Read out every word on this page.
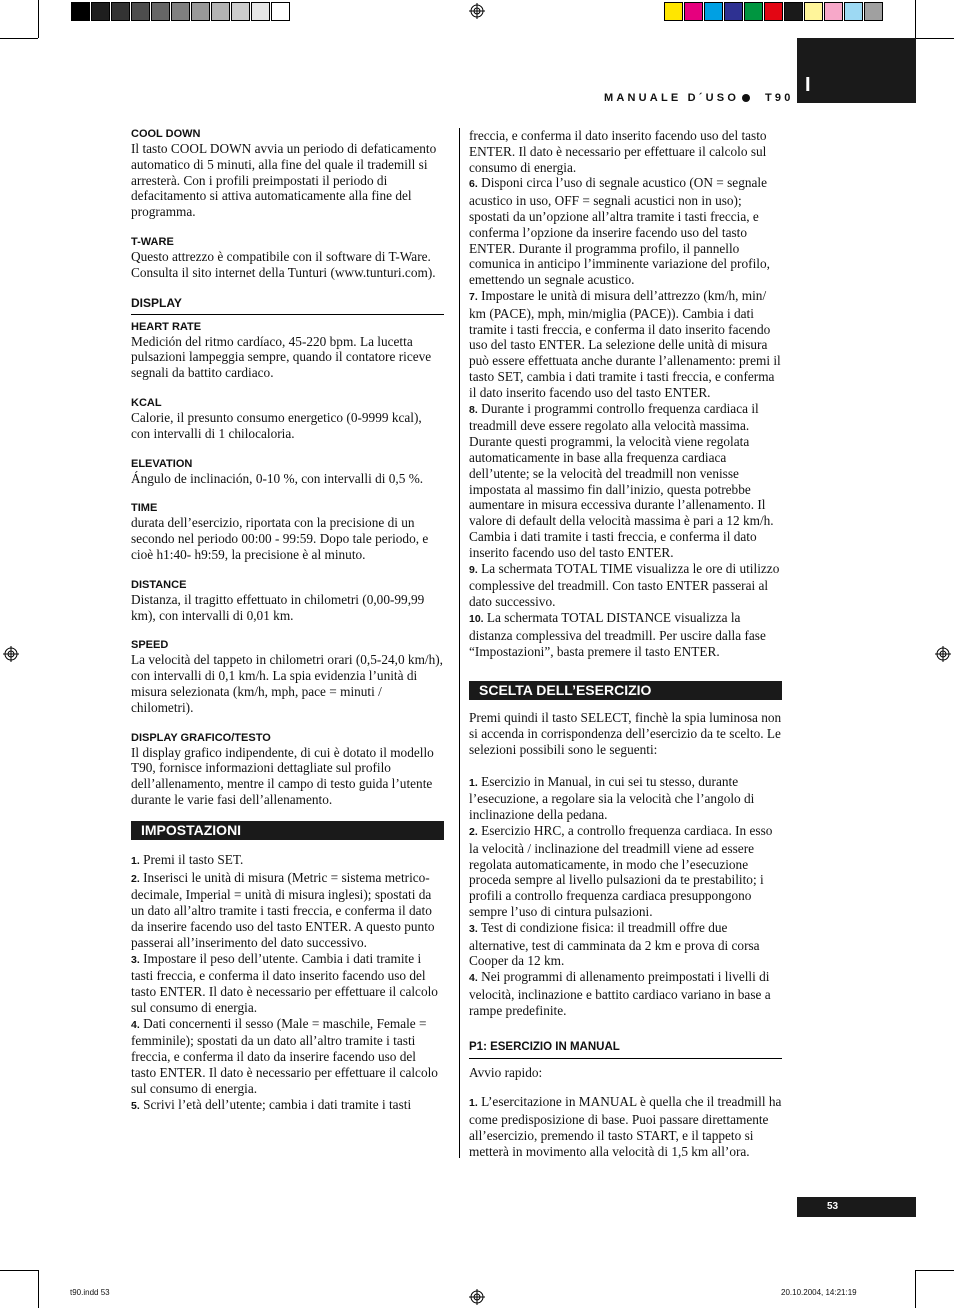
I
MANUALE D´USO T90

COOL DOWN

Il tasto COOL DOWN avvia un periodo di defaticamento automatico di 5 minuti, alla fine del quale il trademill si arresterà. Con i profili preimpostati il periodo di defacitamento si attiva automaticamente alla fine del programma.

T-WARE

Questo attrezzo è compatibile con il software di T-Ware. Consulta il sito internet della Tunturi (www.tunturi.com).

DISPLAY

HEART RATE

Medición del ritmo cardíaco, 45-220 bpm. La lucetta pulsazioni lampeggia sempre, quando il contatore riceve segnali da battito cardiaco.

KCAL

Calorie, il presunto consumo energetico (0-9999 kcal), con intervalli di 1 chilocaloria.

ELEVATION

Ángulo de inclinación, 0-10 %, con intervalli di 0,5 %.

TIME

durata dell’esercizio, riportata con la precisione di un secondo nel periodo 00:00 - 99:59. Dopo tale periodo, e cioè h1:40- h9:59, la precisione è al minuto.

DISTANCE

Distanza, il tragitto effettuato in chilometri (0,00-99,99 km), con intervalli di 0,01 km.

SPEED

La velocità del tappeto in chilometri orari (0,5-24,0 km/h), con intervalli di 0,1 km/h. La spia evidenzia l’unità di misura selezionata (km/h, mph, pace = minuti / chilometri).

DISPLAY GRAFICO/TESTO

Il display grafico indipendente, di cui è dotato il modello T90, fornisce informazioni dettagliate sul profilo dell’allenamento, mentre il campo di testo guida l’utente durante le varie fasi dell’allenamento.

IMPOSTAZIONI

1. Premi il tasto SET.

2. Inserisci le unità di misura (Metric = sistema metrico-decimale, Imperial = unità di misura inglesi); spostati da un dato all’altro tramite i tasti freccia, e conferma il dato da inserire facendo uso del tasto ENTER. A questo punto passerai all’inserimento del dato successivo.

3. Impostare il peso dell’utente. Cambia i dati tramite i tasti freccia, e conferma il dato inserito facendo uso del tasto ENTER. Il dato è necessario per effettuare il calcolo sul consumo di energia.

4. Dati concernenti il sesso (Male = maschile, Female = femminile); spostati da un dato all’altro tramite i tasti freccia, e conferma il dato da inserire facendo uso del tasto ENTER. Il dato è necessario per effettuare il calcolo sul consumo di energia.

5. Scrivi l’età dell’utente; cambia i dati tramite i tasti

freccia, e conferma il dato inserito facendo uso del tasto ENTER. Il dato è necessario per effettuare il calcolo sul consumo di energia.

6. Disponi circa l’uso di segnale acustico (ON = segnale acustico in uso, OFF = segnali acustici non in uso); spostati da un’opzione all’altra tramite i tasti freccia, e conferma l’opzione da inserire facendo uso del tasto ENTER. Durante il programma profilo, il pannello comunica in anticipo l’imminente variazione del profilo, emettendo un segnale acustico.

7. Impostare le unità di misura dell’attrezzo (km/h, min/ km (PACE), mph, min/miglia (PACE)). Cambia i dati tramite i tasti freccia, e conferma il dato inserito facendo uso del tasto ENTER. La selezione delle unità di misura può essere effettuata anche durante l’allenamento: premi il tasto SET, cambia i dati tramite i tasti freccia, e conferma il dato inserito facendo uso del tasto ENTER.

8. Durante i programmi controllo frequenza cardiaca il treadmill deve essere regolato alla velocità massima. Durante questi programmi, la velocità viene regolata automaticamente in base alla frequenza cardiaca dell’utente; se la velocità del treadmill non venisse impostata al massimo fin dall’inizio, questa potrebbe aumentare in misura eccessiva durante l’allenamento. Il valore di default della velocità massima è pari a 12 km/h. Cambia i dati tramite i tasti freccia, e conferma il dato inserito facendo uso del tasto ENTER.

9. La schermata TOTAL TIME visualizza le ore di utilizzo complessive del treadmill. Con tasto ENTER passerai al dato successivo.

10. La schermata TOTAL DISTANCE visualizza la distanza complessiva del treadmill. Per uscire dalla fase “Impostazioni”, basta premere il tasto ENTER.

SCELTA DELL’ESERCIZIO

Premi quindi il tasto SELECT, finchè la spia luminosa non si accenda in corrispondenza dell’esercizio da te scelto. Le selezioni possibili sono le seguenti:

1. Esercizio in Manual, in cui sei tu stesso, durante l’esecuzione, a regolare sia la velocità che l’angolo di inclinazione della pedana.

2. Esercizio HRC, a controllo frequenza cardiaca. In esso la velocità / inclinazione del treadmill viene ad essere regolata automaticamente, in modo che l’esecuzione proceda sempre al livello pulsazioni da te prestabilito; i profili a controllo frequenza cardiaca presuppongono sempre l’uso di cintura pulsazioni.

3. Test di condizione fisica: il treadmill offre due alternative, test di camminata da 2 km e prova di corsa Cooper da 12 km.

4. Nei programmi di allenamento preimpostati i livelli di velocità, inclinazione e battito cardiaco variano in base a rampe predefinite.

P1: ESERCIZIO IN MANUAL

Avvio rapido:

1. L’esercitazione in MANUAL è quella che il treadmill ha come predisposizione di base. Puoi passare direttamente all’esercizio, premendo il tasto START, e il tappeto si metterà in movimento alla velocità di 1,5 km all’ora.

53
t90.indd 53	20.10.2004, 14:21:19
